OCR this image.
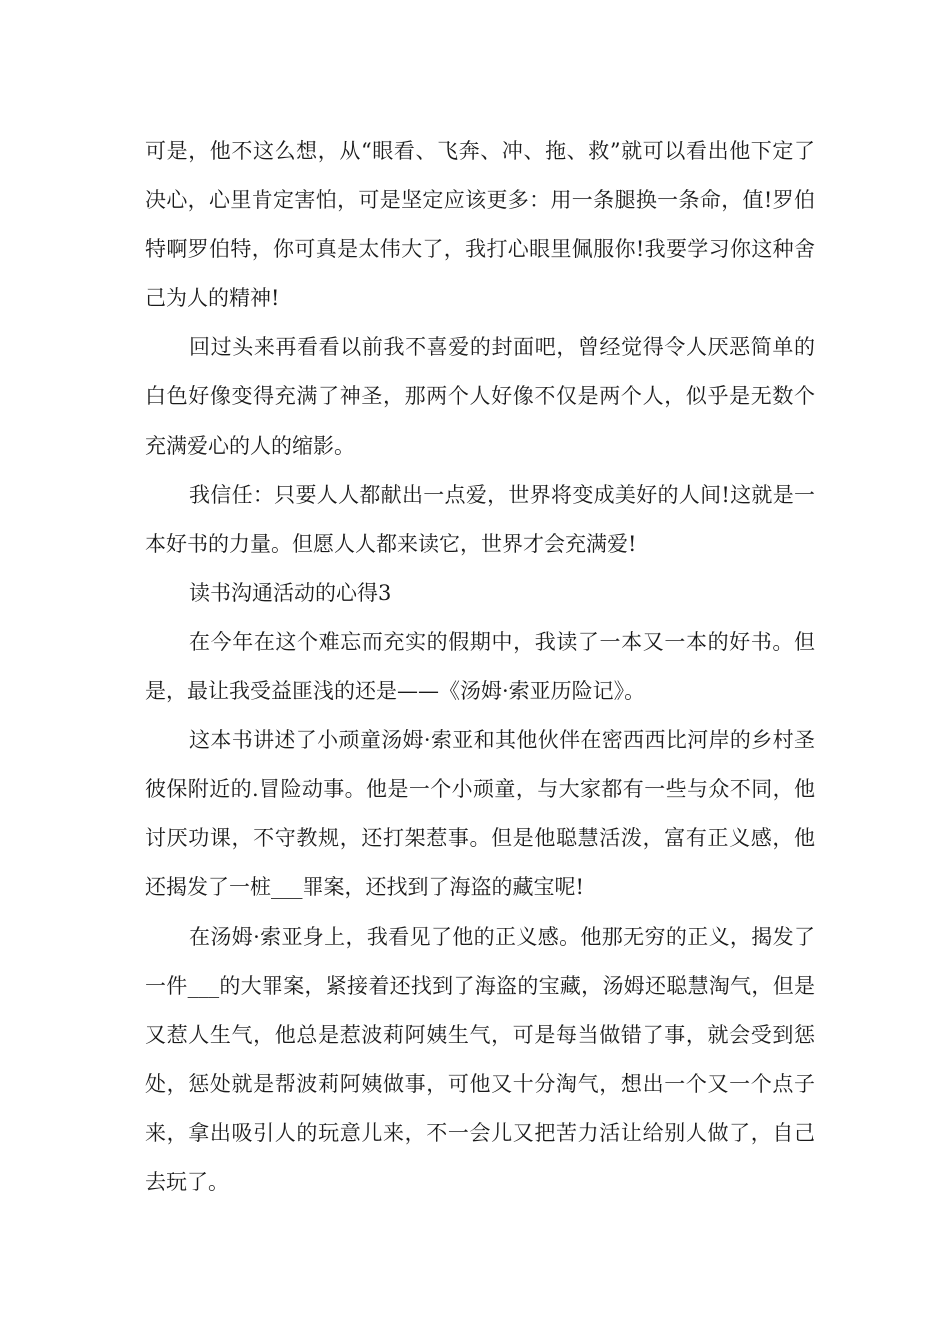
可是，他不这么想，从“眼看、飞奔、冲、拖、救”就可以看出他下定了决心，心里肯定害怕，可是坚定应该更多：用一条腿换一条命，值!罗伯特啊罗伯特，你可真是太伟大了，我打心眼里佩服你!我要学习你这种舍己为人的精神!

回过头来再看看以前我不喜爱的封面吧，曾经觉得令人厌恶简单的白色好像变得充满了神圣，那两个人好像不仅是两个人，似乎是无数个充满爱心的人的缩影。

我信任：只要人人都献出一点爱，世界将变成美好的人间!这就是一本好书的力量。但愿人人都来读它，世界才会充满爱!

读书沟通活动的心得3

在今年在这个难忘而充实的假期中，我读了一本又一本的好书。但是，最让我受益匪浅的还是——《汤姆·索亚历险记》。

这本书讲述了小顽童汤姆·索亚和其他伙伴在密西西比河岸的乡村圣彼保附近的.冒险动事。他是一个小顽童，与大家都有一些与众不同，他讨厌功课，不守教规，还打架惹事。但是他聪慧活泼，富有正义感，他还揭发了一桩___罪案，还找到了海盗的藏宝呢!

在汤姆·索亚身上，我看见了他的正义感。他那无穷的正义，揭发了一件___的大罪案，紧接着还找到了海盗的宝藏，汤姆还聪慧淘气，但是又惹人生气，他总是惹波莉阿姨生气，可是每当做错了事，就会受到惩处，惩处就是帮波莉阿姨做事，可他又十分淘气，想出一个又一个点子来，拿出吸引人的玩意儿来，不一会儿又把苦力活让给别人做了，自己去玩了。
